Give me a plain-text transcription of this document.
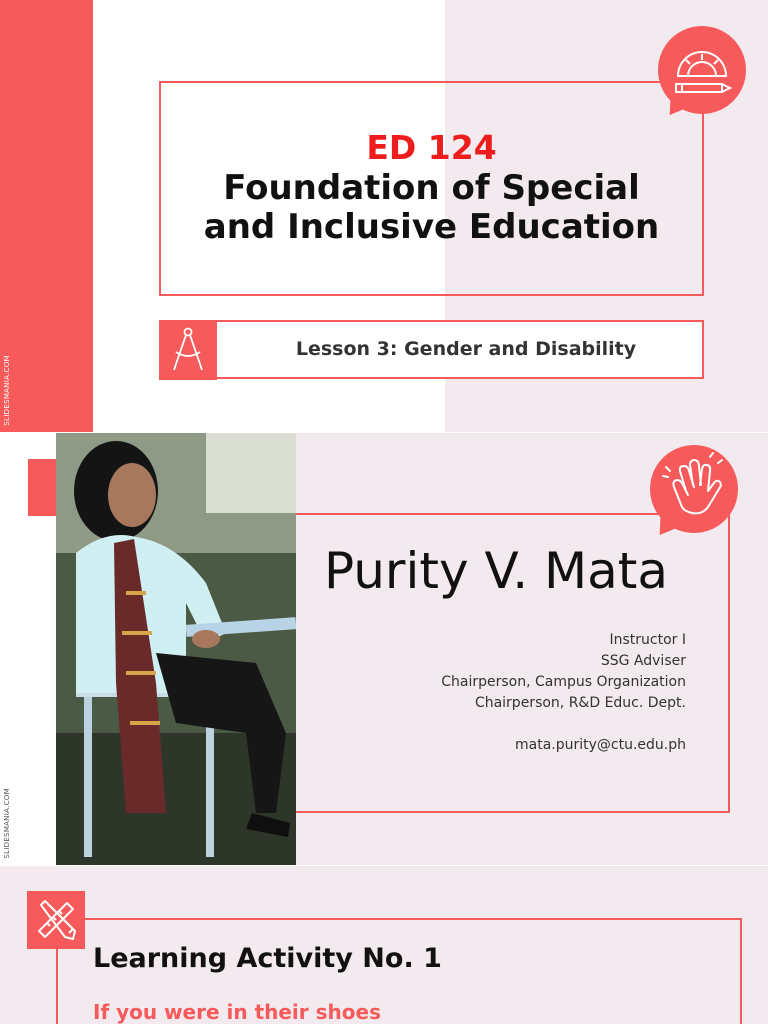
SLIDESMANIA.COM
ED 124
Foundation of Special
and Inclusive Education
Lesson 3: Gender and Disability
SLIDESMANIA.COM
Purity V. Mata
Instructor I
SSG Adviser
Chairperson, Campus Organization
Chairperson, R&D Educ. Dept.
mata.purity@ctu.edu.ph
Learning Activity No. 1
If you were in their shoes
